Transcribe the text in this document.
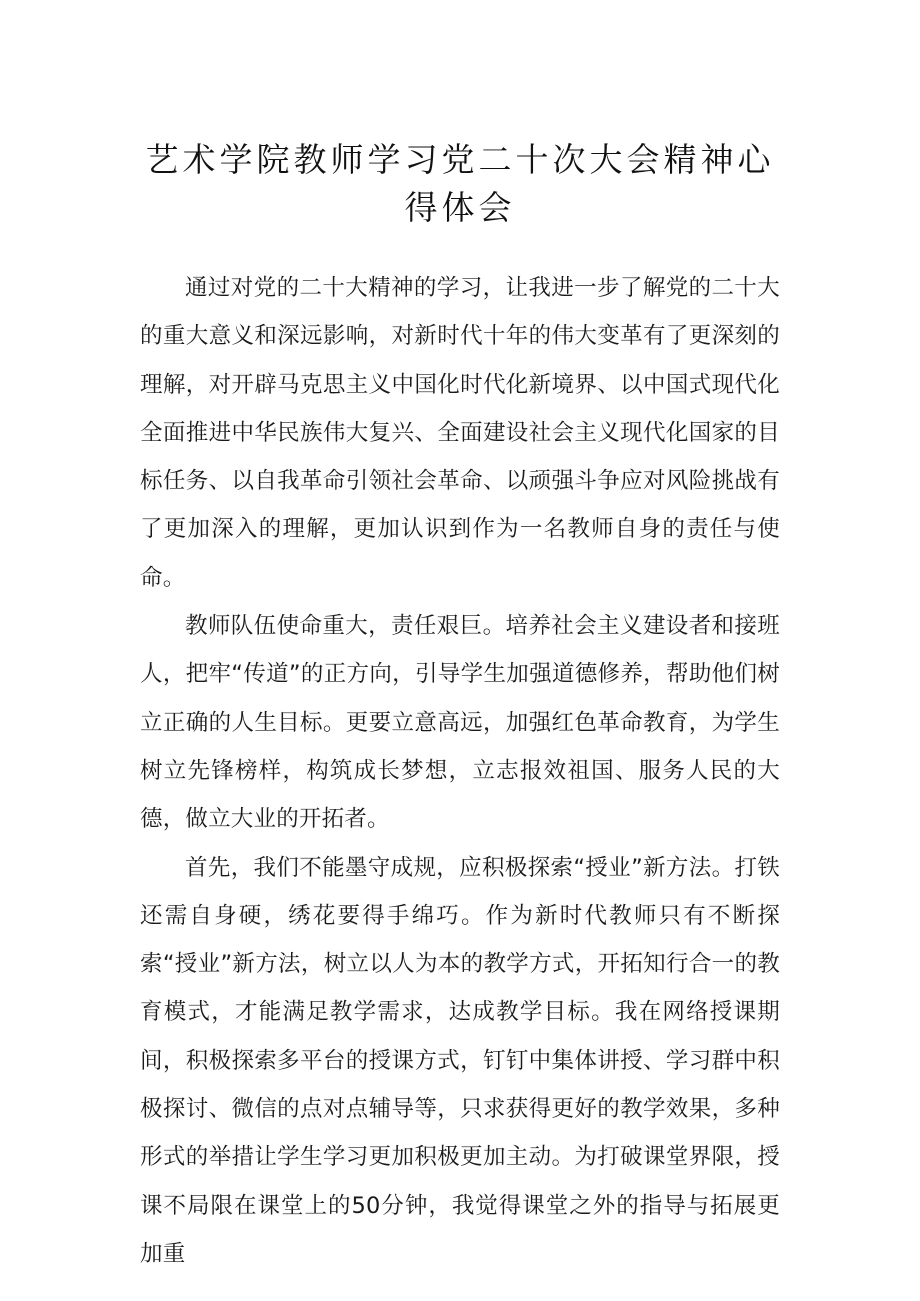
艺术学院教师学习党二十次大会精神心得体会

通过对党的二十大精神的学习，让我进一步了解党的二十大的重大意义和深远影响，对新时代十年的伟大变革有了更深刻的理解，对开辟马克思主义中国化时代化新境界、以中国式现代化全面推进中华民族伟大复兴、全面建设社会主义现代化国家的目标任务、以自我革命引领社会革命、以顽强斗争应对风险挑战有了更加深入的理解，更加认识到作为一名教师自身的责任与使命。

教师队伍使命重大，责任艰巨。培养社会主义建设者和接班人，把牢“传道”的正方向，引导学生加强道德修养，帮助他们树立正确的人生目标。更要立意高远，加强红色革命教育，为学生树立先锋榜样，构筑成长梦想，立志报效祖国、服务人民的大德，做立大业的开拓者。

首先，我们不能墨守成规，应积极探索“授业”新方法。打铁还需自身硬，绣花要得手绵巧。作为新时代教师只有不断探索“授业”新方法，树立以人为本的教学方式，开拓知行合一的教育模式，才能满足教学需求，达成教学目标。我在网络授课期间，积极探索多平台的授课方式，钉钉中集体讲授、学习群中积极探讨、微信的点对点辅导等，只求获得更好的教学效果，多种形式的举措让学生学习更加积极更加主动。为打破课堂界限，授课不局限在课堂上的50分钟，我觉得课堂之外的指导与拓展更加重
